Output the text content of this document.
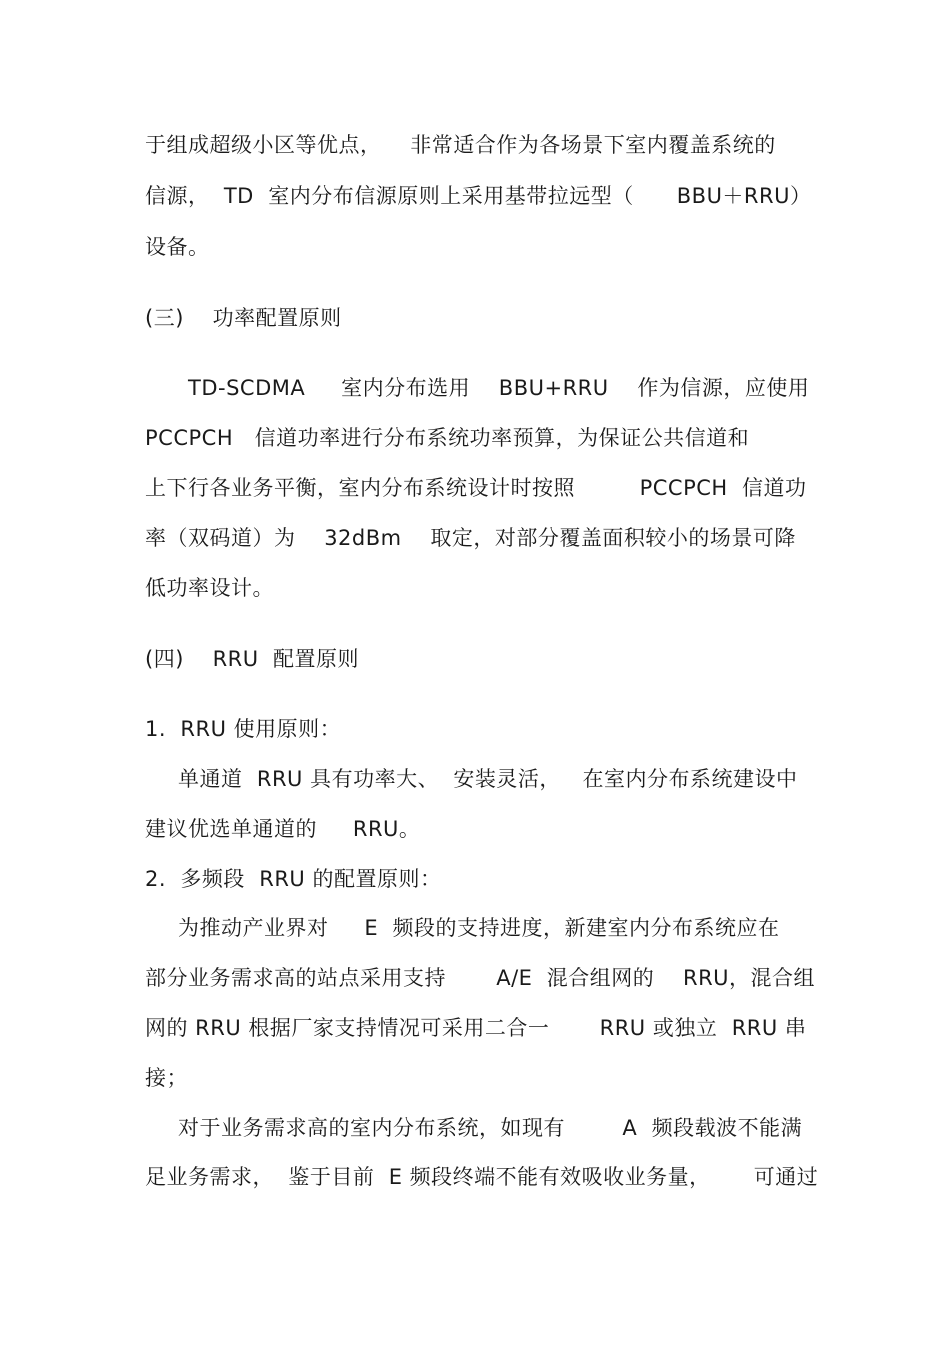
于组成超级小区等优点，    非常适合作为各场景下室内覆盖系统的
信源，  TD  室内分布信源原则上采用基带拉远型（      BBU＋RRU）
设备。
(三)    功率配置原则
TD-SCDMA     室内分布选用    BBU+RRU    作为信源，应使用
PCCPCH   信道功率进行分布系统功率预算，为保证公共信道和
上下行各业务平衡，室内分布系统设计时按照         PCCPCH  信道功
率（双码道）为    32dBm    取定，对部分覆盖面积较小的场景可降
低功率设计。
(四)    RRU  配置原则
1.  RRU 使用原则：
单通道  RRU 具有功率大、  安装灵活，   在室内分布系统建设中
建议优选单通道的     RRU。
2.  多频段  RRU 的配置原则：
为推动产业界对     E  频段的支持进度，新建室内分布系统应在
部分业务需求高的站点采用支持       A/E  混合组网的    RRU，混合组
网的 RRU 根据厂家支持情况可采用二合一       RRU 或独立  RRU 串
接；
对于业务需求高的室内分布系统，如现有        A  频段载波不能满
足业务需求，  鉴于目前  E 频段终端不能有效吸收业务量，      可通过
